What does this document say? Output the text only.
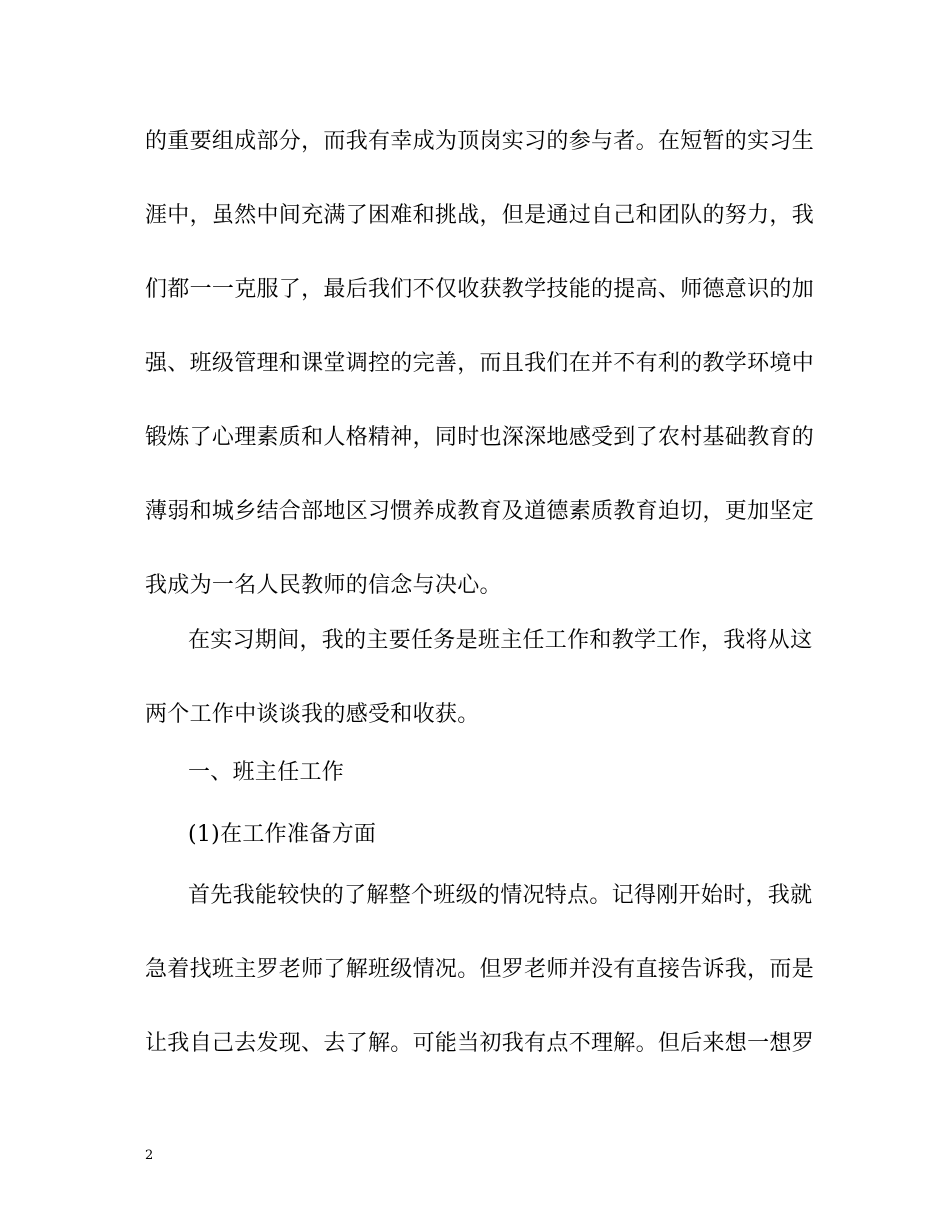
的重要组成部分，而我有幸成为顶岗实习的参与者。在短暂的实习生
涯中，虽然中间充满了困难和挑战，但是通过自己和团队的努力，我
们都一一克服了，最后我们不仅收获教学技能的提高、师德意识的加
强、班级管理和课堂调控的完善，而且我们在并不有利的教学环境中
锻炼了心理素质和人格精神，同时也深深地感受到了农村基础教育的
薄弱和城乡结合部地区习惯养成教育及道德素质教育迫切，更加坚定
我成为一名人民教师的信念与决心。
在实习期间，我的主要任务是班主任工作和教学工作，我将从这
两个工作中谈谈我的感受和收获。
一、班主任工作
(1)在工作准备方面
首先我能较快的了解整个班级的情况特点。记得刚开始时，我就
急着找班主罗老师了解班级情况。但罗老师并没有直接告诉我，而是
让我自己去发现、去了解。可能当初我有点不理解。但后来想一想罗
2
